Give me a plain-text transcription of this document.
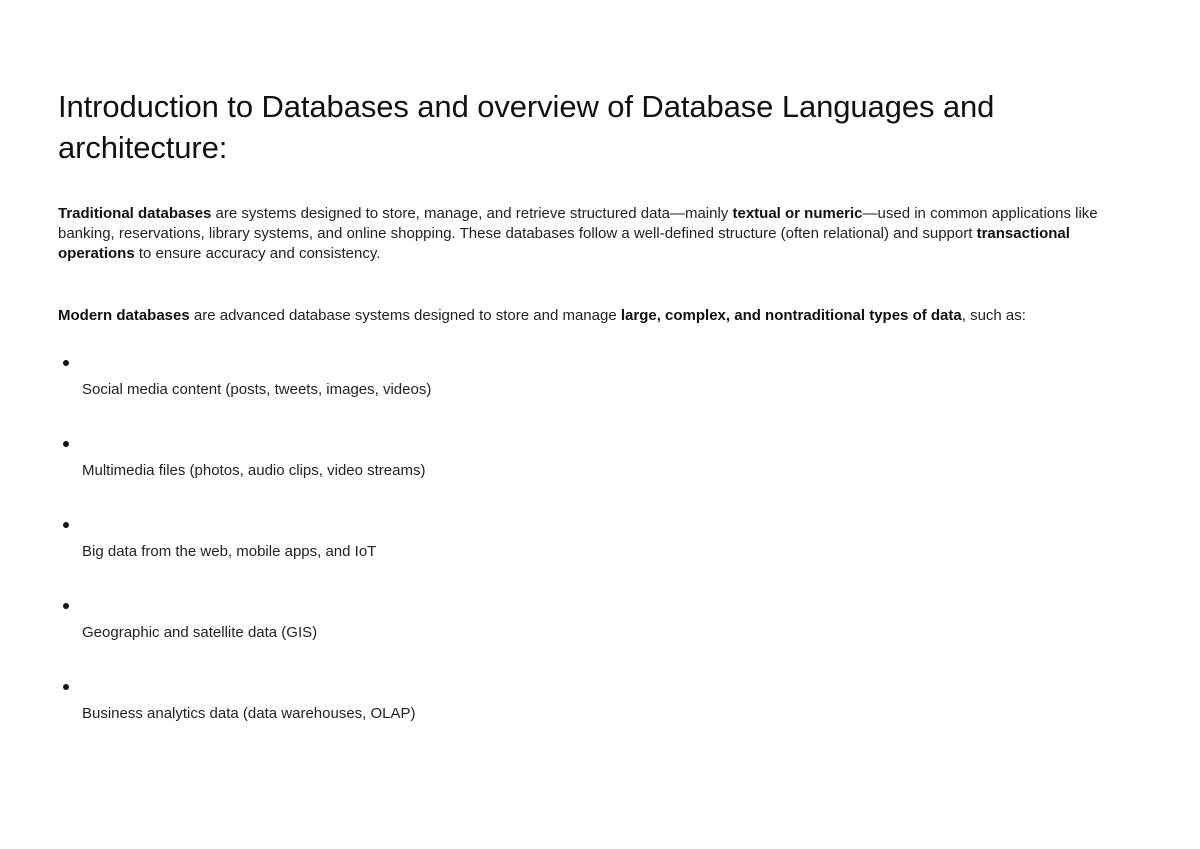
Introduction to Databases and overview of Database Languages and architecture:

Traditional databases are systems designed to store, manage, and retrieve structured data—mainly textual or numeric—used in common applications like banking, reservations, library systems, and online shopping. These databases follow a well-defined structure (often relational) and support transactional operations to ensure accuracy and consistency.

Modern databases are advanced database systems designed to store and manage large, complex, and nontraditional types of data, such as:

Social media content (posts, tweets, images, videos)
Multimedia files (photos, audio clips, video streams)
Big data from the web, mobile apps, and IoT
Geographic and satellite data (GIS)
Business analytics data (data warehouses, OLAP)
